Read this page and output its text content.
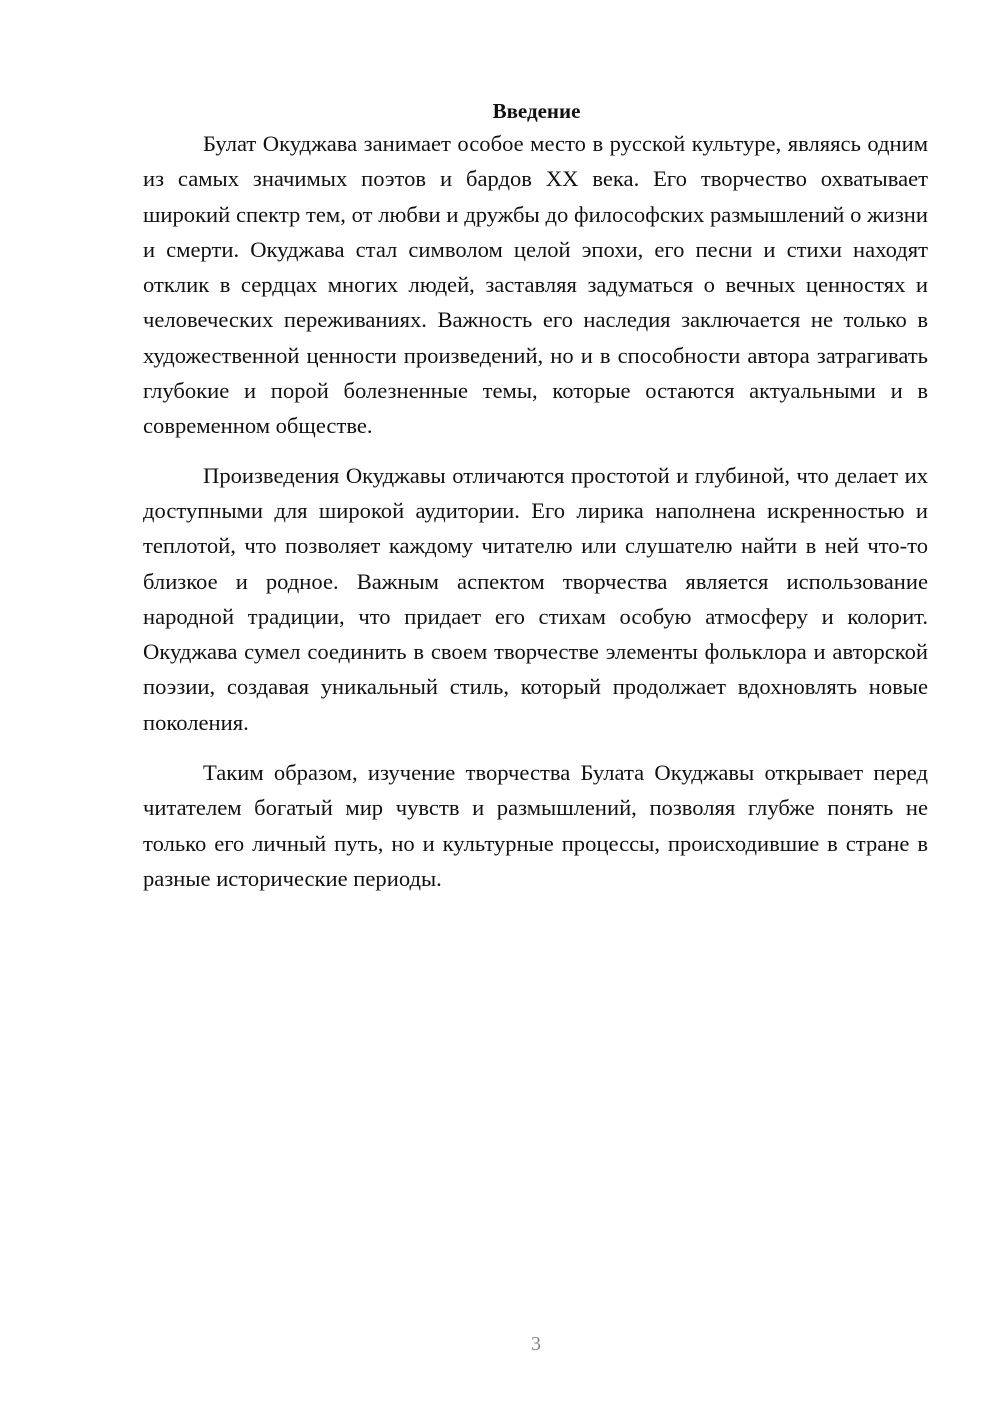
Введение

Булат Окуджава занимает особое место в русской культуре, являясь одним из самых значимых поэтов и бардов XX века. Его творчество охватывает широкий спектр тем, от любви и дружбы до философских размышлений о жизни и смерти. Окуджава стал символом целой эпохи, его песни и стихи находят отклик в сердцах многих людей, заставляя задуматься о вечных ценностях и человеческих переживаниях. Важность его наследия заключается не только в художественной ценности произведений, но и в способности автора затрагивать глубокие и порой болезненные темы, которые остаются актуальными и в современном обществе.

Произведения Окуджавы отличаются простотой и глубиной, что делает их доступными для широкой аудитории. Его лирика наполнена искренностью и теплотой, что позволяет каждому читателю или слушателю найти в ней что-то близкое и родное. Важным аспектом творчества является использование народной традиции, что придает его стихам особую атмосферу и колорит. Окуджава сумел соединить в своем творчестве элементы фольклора и авторской поэзии, создавая уникальный стиль, который продолжает вдохновлять новые поколения.

Таким образом, изучение творчества Булата Окуджавы открывает перед читателем богатый мир чувств и размышлений, позволяя глубже понять не только его личный путь, но и культурные процессы, происходившие в стране в разные исторические периоды.

3
